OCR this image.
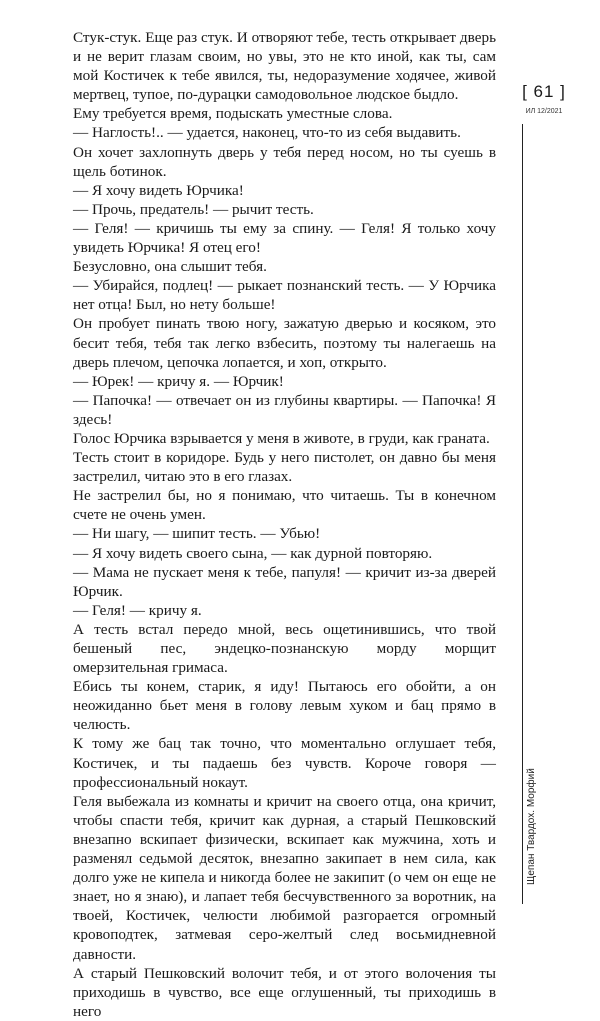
[ 61 ]
ИЛ 12/2021
Щепан Твардох. Морфий

Стук-стук. Еще раз стук. И отворяют тебе, тесть открывает дверь и не верит глазам своим, но увы, это не кто иной, как ты, сам мой Костичек к тебе явился, ты, недоразумение ходячее, живой мертвец, тупое, по-дурацки самодовольное людское быдло.

Ему требуется время, подыскать уместные слова.

— Наглость!.. — удается, наконец, что-то из себя выдавить.

Он хочет захлопнуть дверь у тебя перед носом, но ты суешь в щель ботинок.

— Я хочу видеть Юрчика!

— Прочь, предатель! — рычит тесть.

— Геля! — кричишь ты ему за спину. — Геля! Я только хочу увидеть Юрчика! Я отец его!

Безусловно, она слышит тебя.

— Убирайся, подлец! — рыкает познанский тесть. — У Юрчика нет отца! Был, но нету больше!

Он пробует пинать твою ногу, зажатую дверью и косяком, это бесит тебя, тебя так легко взбесить, поэтому ты налегаешь на дверь плечом, цепочка лопается, и хоп, открыто.

— Юрек! — кричу я. — Юрчик!

— Папочка! — отвечает он из глубины квартиры. — Папочка! Я здесь!

Голос Юрчика взрывается у меня в животе, в груди, как граната.

Тесть стоит в коридоре. Будь у него пистолет, он давно бы меня застрелил, читаю это в его глазах.

Не застрелил бы, но я понимаю, что читаешь. Ты в конечном счете не очень умен.

— Ни шагу, — шипит тесть. — Убью!

— Я хочу видеть своего сына, — как дурной повторяю.

— Мама не пускает меня к тебе, папуля! — кричит из-за дверей Юрчик.

— Геля! — кричу я.

А тесть встал передо мной, весь ощетинившись, что твой бешеный пес, эндецко-познанскую морду морщит омерзительная гримаса.

Ебись ты конем, старик, я иду! Пытаюсь его обойти, а он неожиданно бьет меня в голову левым хуком и бац прямо в челюсть.

К тому же бац так точно, что моментально оглушает тебя, Костичек, и ты падаешь без чувств. Короче говоря — профессиональный нокаут.

Геля выбежала из комнаты и кричит на своего отца, она кричит, чтобы спасти тебя, кричит как дурная, а старый Пешковский внезапно вскипает физически, вскипает как мужчина, хоть и разменял седьмой десяток, внезапно закипает в нем сила, как долго уже не кипела и никогда более не закипит (о чем он еще не знает, но я знаю), и лапает тебя бесчувственного за воротник, на твоей, Костичек, челюсти любимой разгорается огромный кровоподтек, затмевая серо-желтый след восьмидневной давности.

А старый Пешковский волочит тебя, и от этого волочения ты приходишь в чувство, все еще оглушенный, ты приходишь в него
